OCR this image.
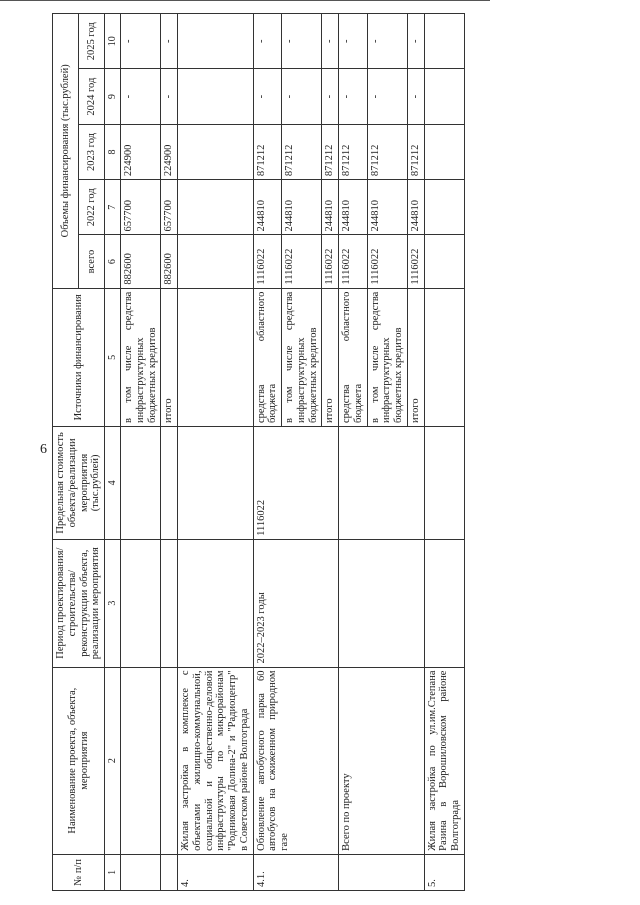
6
№ п/п	Наименование проекта, объекта, мероприятия	Период проектирования/ строительства/ реконструкции объекта, реализации мероприятия	Предельная стоимость объекта/реализации мероприятия (тыс.рублей)	Источники финансирования	Объемы финансирования (тыс.рублей)				
					всего	2022 год	2023 год	2024 год	2025 год
1	2	3	4	5	6	7	8	9	10
				в том числе средства инфраструктурных бюджетных кредитов	882600	657700	224900	-	-
				итого	882600	657700	224900	-	-
4.	Жилая застройка в комплексе с объектами жилищно-коммунальной, социальной и общественно-деловой инфраструктуры по микрорайонам "Родниковая Долина-2" и "Радиоцентр" в Советском районе Волгограда								
4.1.	Обновление автобусного парка 60 автобусов на сжиженном природном газе	2022–2023 годы	1116022	средства областного бюджета	1116022	244810	871212	-	-
				в том числе средства инфраструктурных бюджетных кредитов	1116022	244810	871212	-	-
				итого	1116022	244810	871212	-	-
	Всего по проекту			средства областного бюджета	1116022	244810	871212	-	-
				в том числе средства инфраструктурных бюджетных кредитов	1116022	244810	871212	-	-
				итого	1116022	244810	871212	-	-
5.	Жилая застройка по ул.им.Степана Разина в Ворошиловском районе Волгограда								
